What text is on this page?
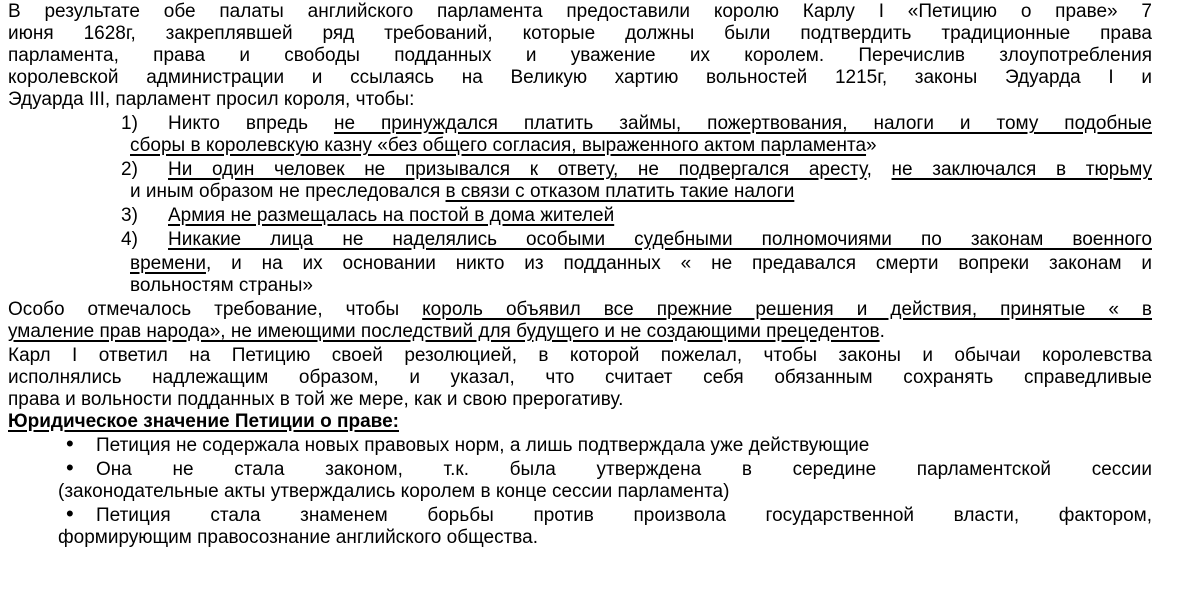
В результате обе палаты английского парламента предоставили королю Карлу I «Петицию о праве» 7
июня 1628г, закреплявшей ряд требований, которые должны были подтвердить традиционные права
парламента, права и свободы подданных и уважение их королем. Перечислив злоупотребления
королевской администрации и ссылаясь на Великую хартию вольностей 1215г, законы Эдуарда I и
Эдуарда III, парламент просил короля, чтобы:
1) Никто впредь не принуждался платить займы, пожертвования, налоги и тому подобные
сборы в королевскую казну «без общего согласия, выраженного актом парламента»
2) Ни один человек не призывался к ответу, не подвергался аресту, не заключался в тюрьму
и иным образом не преследовался в связи с отказом платить такие налоги
3) Армия не размещалась на постой в дома жителей
4) Никакие лица не наделялись особыми судебными полномочиями по законам военного
времени, и на их основании никто из подданных « не предавался смерти вопреки законам и
вольностям страны»
Особо отмечалось требование, чтобы король объявил все прежние решения и действия, принятые « в
умаление прав народа», не имеющими последствий для будущего и не создающими прецедентов.
Карл I ответил на Петицию своей резолюцией, в которой пожелал, чтобы законы и обычаи королевства
исполнялись надлежащим образом, и указал, что считает себя обязанным сохранять справедливые
права и вольности подданных в той же мере, как и свою прерогативу.
Юридическое значение Петиции о праве:
• Петиция не содержала новых правовых норм, а лишь подтверждала уже действующие
• Она не стала законом, т.к. была утверждена в середине парламентской сессии
(законодательные акты утверждались королем в конце сессии парламента)
• Петиция стала знаменем борьбы против произвола государственной власти, фактором,
формирующим правосознание английского общества.
